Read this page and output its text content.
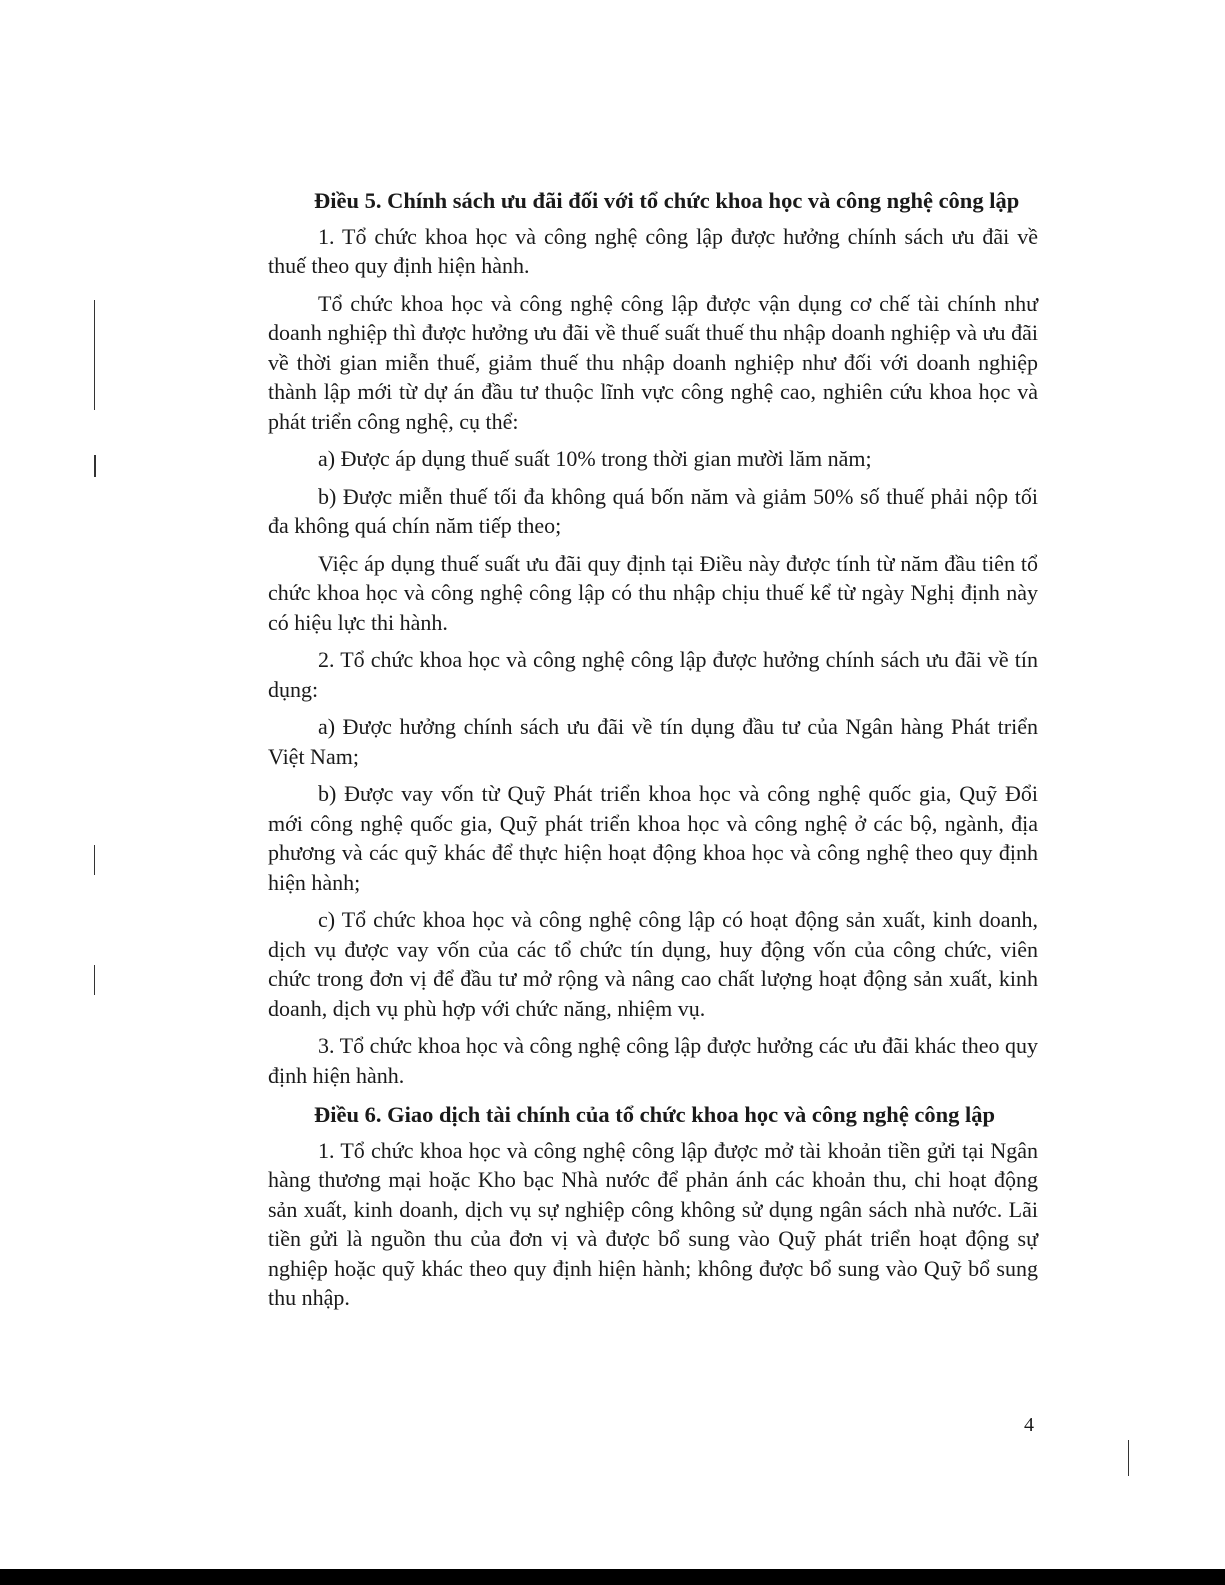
Điều 5. Chính sách ưu đãi đối với tổ chức khoa học và công nghệ công lập

1. Tổ chức khoa học và công nghệ công lập được hưởng chính sách ưu đãi về thuế theo quy định hiện hành.

Tổ chức khoa học và công nghệ công lập được vận dụng cơ chế tài chính như doanh nghiệp thì được hưởng ưu đãi về thuế suất thuế thu nhập doanh nghiệp và ưu đãi về thời gian miễn thuế, giảm thuế thu nhập doanh nghiệp như đối với doanh nghiệp thành lập mới từ dự án đầu tư thuộc lĩnh vực công nghệ cao, nghiên cứu khoa học và phát triển công nghệ, cụ thể:

a) Được áp dụng thuế suất 10% trong thời gian mười lăm năm;

b) Được miễn thuế tối đa không quá bốn năm và giảm 50% số thuế phải nộp tối đa không quá chín năm tiếp theo;

Việc áp dụng thuế suất ưu đãi quy định tại Điều này được tính từ năm đầu tiên tổ chức khoa học và công nghệ công lập có thu nhập chịu thuế kể từ ngày Nghị định này có hiệu lực thi hành.

2. Tổ chức khoa học và công nghệ công lập được hưởng chính sách ưu đãi về tín dụng:

a) Được hưởng chính sách ưu đãi về tín dụng đầu tư của Ngân hàng Phát triển Việt Nam;

b) Được vay vốn từ Quỹ Phát triển khoa học và công nghệ quốc gia, Quỹ Đổi mới công nghệ quốc gia, Quỹ phát triển khoa học và công nghệ ở các bộ, ngành, địa phương và các quỹ khác để thực hiện hoạt động khoa học và công nghệ theo quy định hiện hành;

c) Tổ chức khoa học và công nghệ công lập có hoạt động sản xuất, kinh doanh, dịch vụ được vay vốn của các tổ chức tín dụng, huy động vốn của công chức, viên chức trong đơn vị để đầu tư mở rộng và nâng cao chất lượng hoạt động sản xuất, kinh doanh, dịch vụ phù hợp với chức năng, nhiệm vụ.

3. Tổ chức khoa học và công nghệ công lập được hưởng các ưu đãi khác theo quy định hiện hành.

Điều 6. Giao dịch tài chính của tổ chức khoa học và công nghệ công lập

1. Tổ chức khoa học và công nghệ công lập được mở tài khoản tiền gửi tại Ngân hàng thương mại hoặc Kho bạc Nhà nước để phản ánh các khoản thu, chi hoạt động sản xuất, kinh doanh, dịch vụ sự nghiệp công không sử dụng ngân sách nhà nước. Lãi tiền gửi là nguồn thu của đơn vị và được bổ sung vào Quỹ phát triển hoạt động sự nghiệp hoặc quỹ khác theo quy định hiện hành; không được bổ sung vào Quỹ bổ sung thu nhập.

4
